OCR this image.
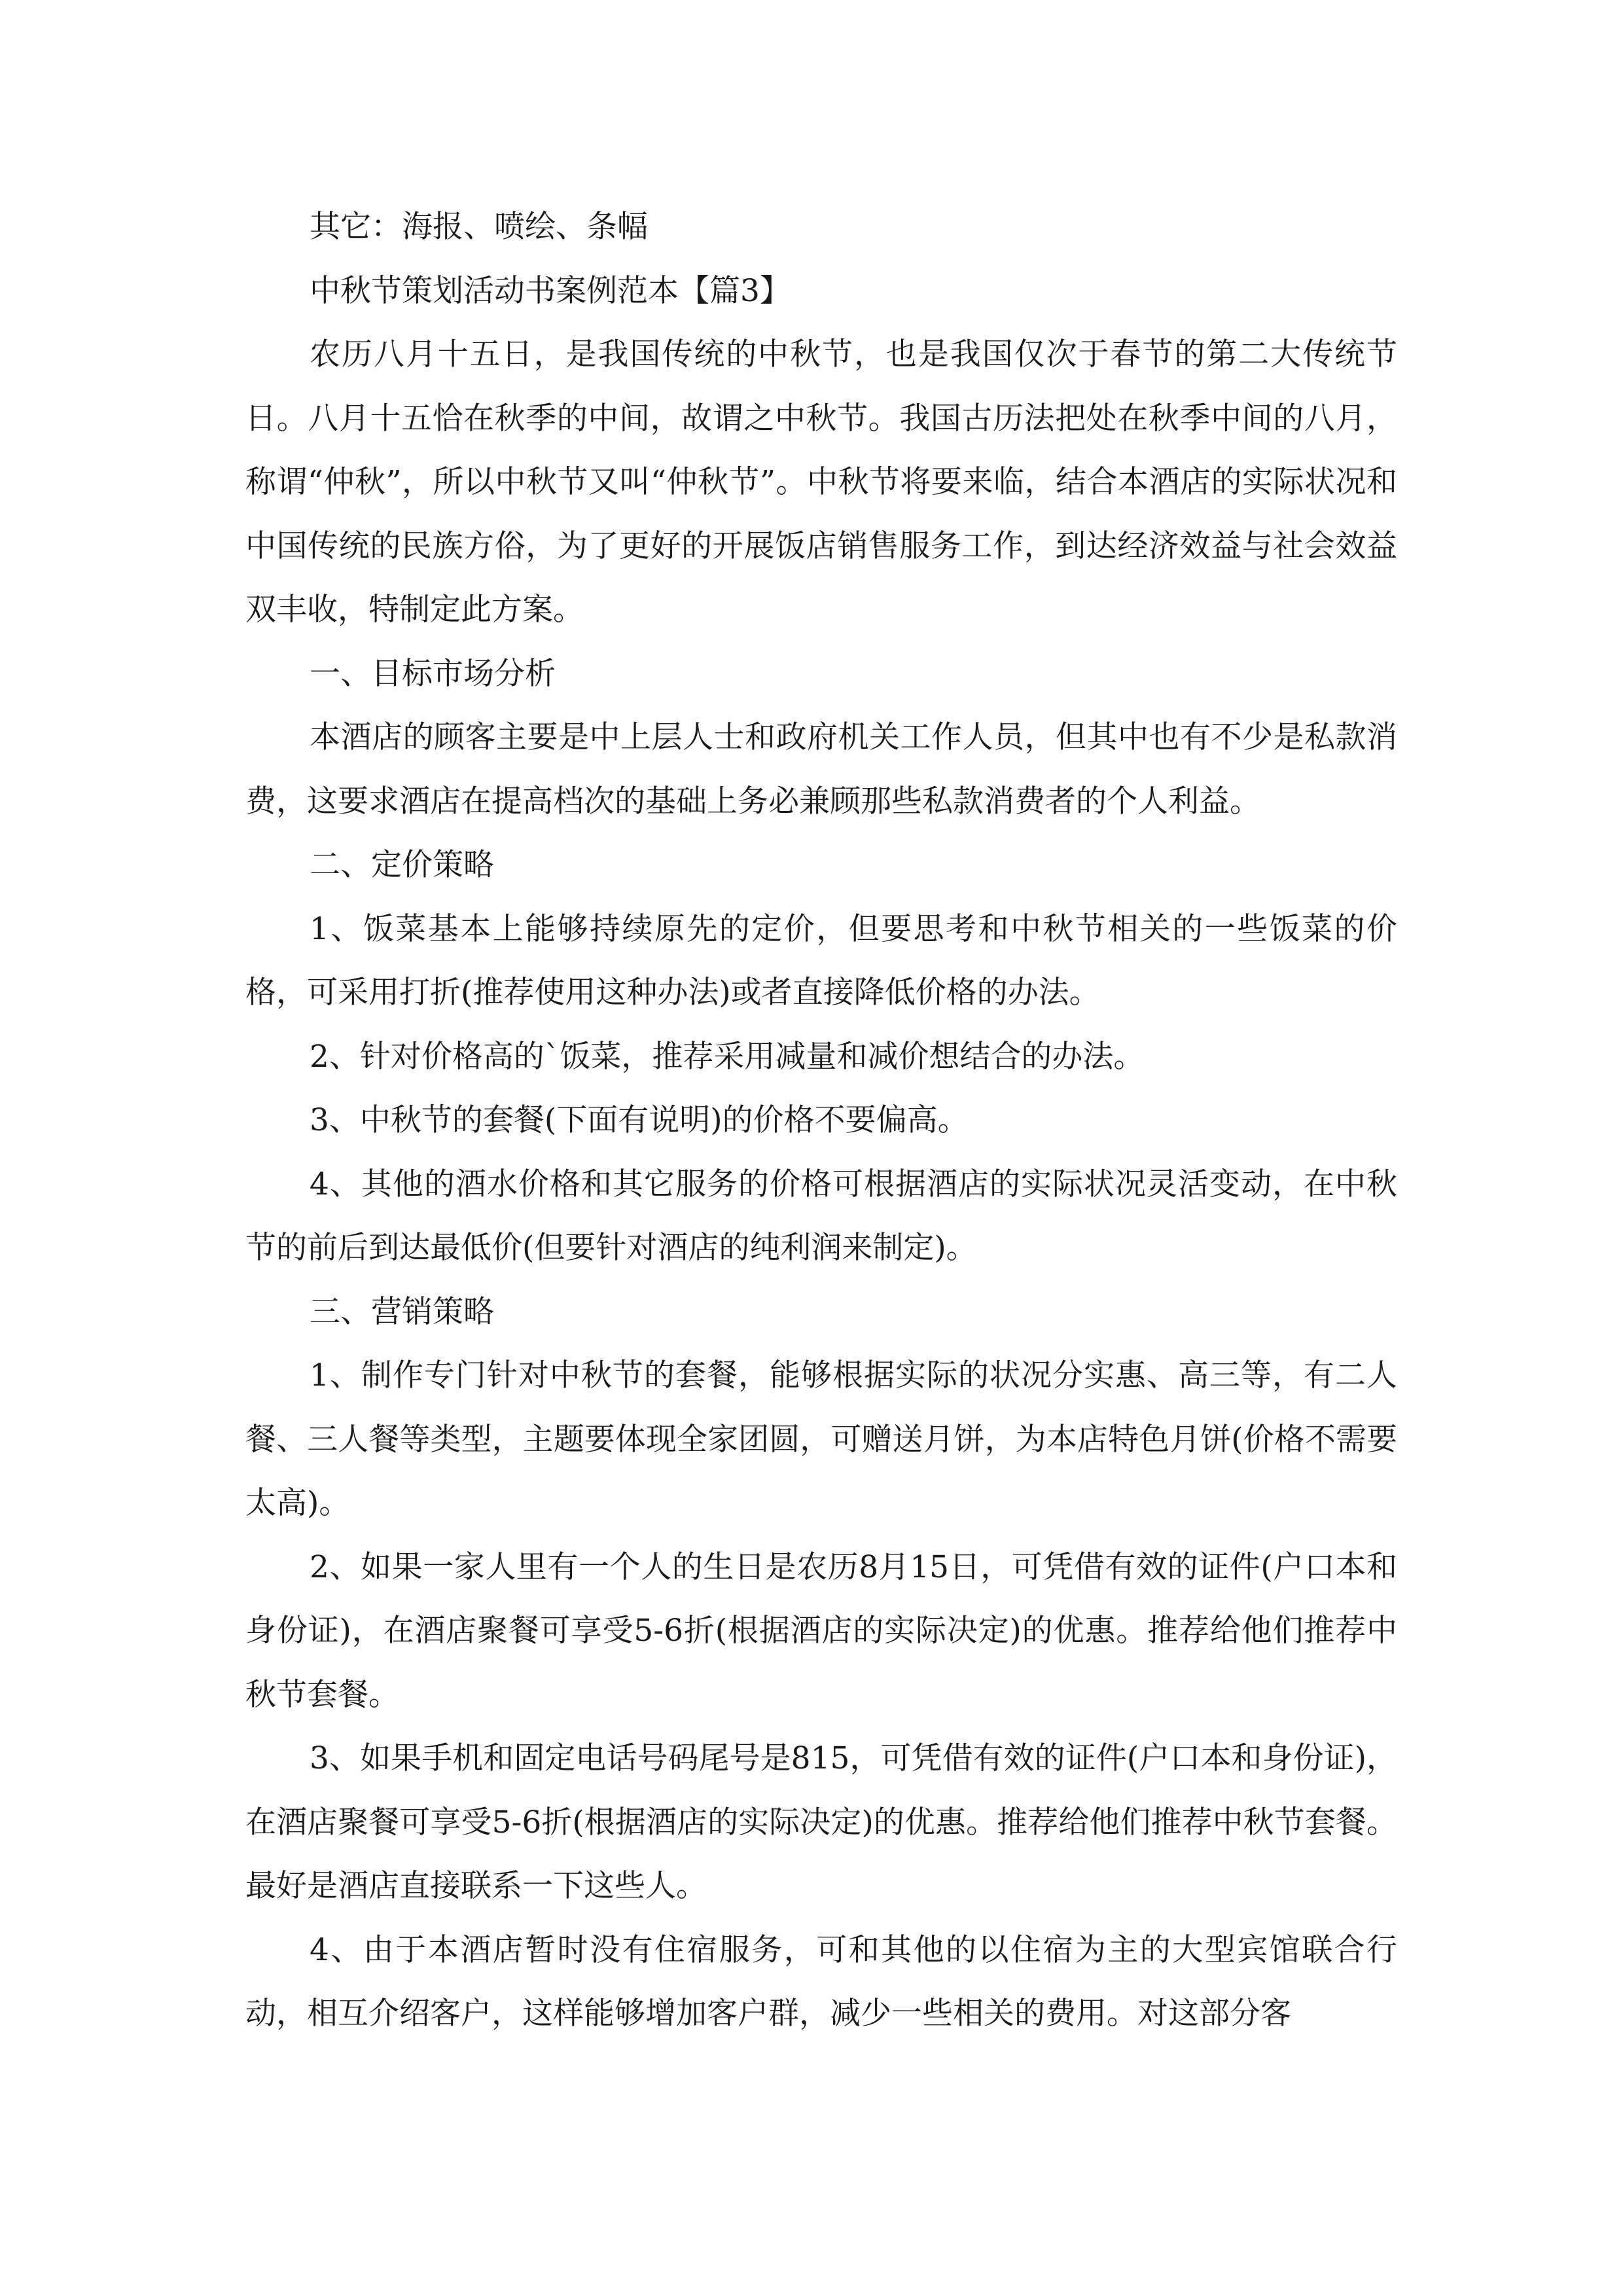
其它：海报、喷绘、条幅

中秋节策划活动书案例范本【篇3】

农历八月十五日，是我国传统的中秋节，也是我国仅次于春节的第二大传统节日。八月十五恰在秋季的中间，故谓之中秋节。我国古历法把处在秋季中间的八月，称谓“仲秋”，所以中秋节又叫“仲秋节”。中秋节将要来临，结合本酒店的实际状况和中国传统的民族方俗，为了更好的开展饭店销售服务工作，到达经济效益与社会效益双丰收，特制定此方案。

一、目标市场分析

本酒店的顾客主要是中上层人士和政府机关工作人员，但其中也有不少是私款消费，这要求酒店在提高档次的基础上务必兼顾那些私款消费者的个人利益。

二、定价策略

1、饭菜基本上能够持续原先的定价，但要思考和中秋节相关的一些饭菜的价格，可采用打折(推荐使用这种办法)或者直接降低价格的办法。

2、针对价格高的`饭菜，推荐采用减量和减价想结合的办法。

3、中秋节的套餐(下面有说明)的价格不要偏高。

4、其他的酒水价格和其它服务的价格可根据酒店的实际状况灵活变动，在中秋节的前后到达最低价(但要针对酒店的纯利润来制定)。

三、营销策略

1、制作专门针对中秋节的套餐，能够根据实际的状况分实惠、高三等，有二人餐、三人餐等类型，主题要体现全家团圆，可赠送月饼，为本店特色月饼(价格不需要太高)。

2、如果一家人里有一个人的生日是农历8月15日，可凭借有效的证件(户口本和身份证)，在酒店聚餐可享受5-6折(根据酒店的实际决定)的优惠。推荐给他们推荐中秋节套餐。

3、如果手机和固定电话号码尾号是815，可凭借有效的证件(户口本和身份证)，在酒店聚餐可享受5-6折(根据酒店的实际决定)的优惠。推荐给他们推荐中秋节套餐。最好是酒店直接联系一下这些人。

4、由于本酒店暂时没有住宿服务，可和其他的以住宿为主的大型宾馆联合行动，相互介绍客户，这样能够增加客户群，减少一些相关的费用。对这部分客
